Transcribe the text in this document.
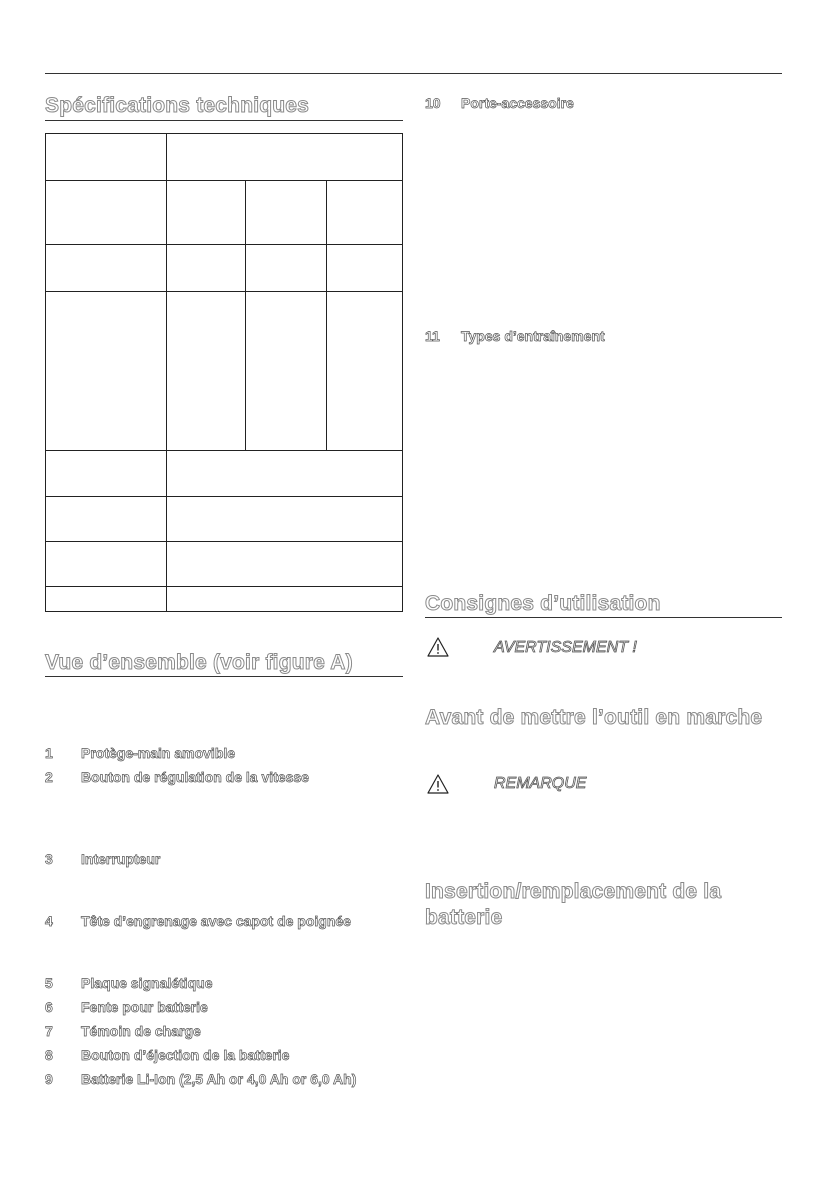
Spécifications techniques
Vue d’ensemble (voir figure A)
1 Protège-main amovible
2 Bouton de régulation de la vitesse
3 Interrupteur
4 Tête d’engrenage avec capot de poignée
5 Plaque signalétique
6 Fente pour batterie
7 Témoin de charge
8 Bouton d’éjection de la batterie
9 Batterie Li-Ion (2,5 Ah or 4,0 Ah or 6,0 Ah)
10 Porte-accessoire
11 Types d’entraînement
Consignes d’utilisation
AVERTISSEMENT !
Avant de mettre l’outil en marche
REMARQUE
Insertion/remplacement de la
batterie
